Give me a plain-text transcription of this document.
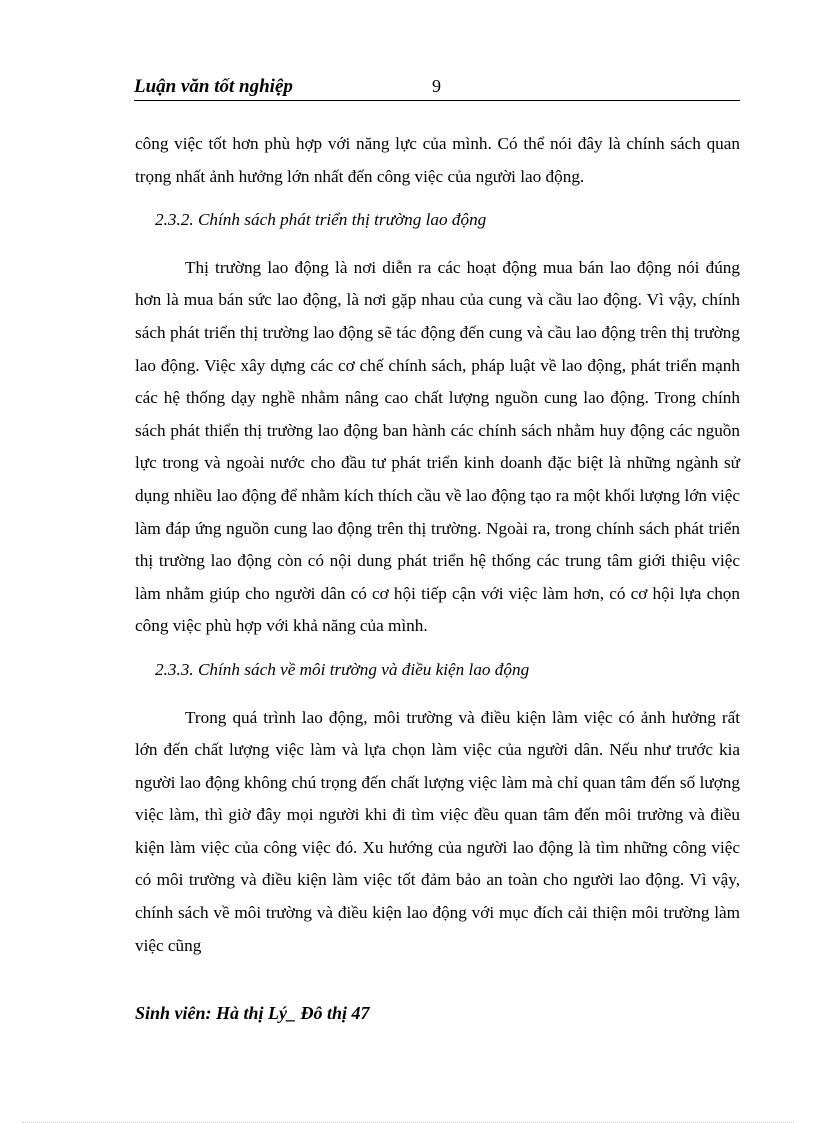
Luận văn tốt nghiệp	9

công việc tốt hơn phù hợp với năng lực của mình. Có thể nói đây là chính sách quan trọng nhất ảnh hưởng lớn nhất đến công việc của người lao động.

2.3.2. Chính sách phát triển thị trường lao động

Thị trường lao động là nơi diễn ra các hoạt động mua bán lao động nói đúng hơn là mua bán sức lao động, là nơi gặp nhau của cung và cầu lao động. Vì vậy, chính sách phát triển thị trường lao động sẽ tác động đến cung và cầu lao động trên thị trường lao động. Việc xây dựng các cơ chế chính sách, pháp luật về lao động, phát triển mạnh các hệ thống dạy nghề nhằm nâng cao chất lượng nguồn cung lao động. Trong chính sách phát thiển thị trường lao động ban hành các chính sách nhằm huy động các nguồn lực trong và ngoài nước cho đầu tư phát triển kinh doanh đặc biệt là những ngành sử dụng nhiều lao động để nhằm kích thích cầu về lao động tạo ra một khối lượng lớn việc làm đáp ứng nguồn cung lao động trên thị trường. Ngoài ra, trong chính sách phát triển thị trường lao động còn có nội dung phát triển hệ thống các trung tâm giới thiệu việc làm nhằm giúp cho người dân có cơ hội tiếp cận với việc làm hơn, có cơ hội lựa chọn công việc phù hợp với khả năng của mình.

2.3.3. Chính sách về môi trường và điều kiện lao động

Trong quá trình lao động, môi trường và điều kiện làm việc có ảnh hưởng rất lớn đến chất lượng việc làm và lựa chọn làm việc của người dân. Nếu như trước kia người lao động không chú trọng đến chất lượng việc làm mà chỉ quan tâm đến số lượng việc làm, thì giờ đây mọi người khi đi tìm việc đều quan tâm đến môi trường và điều kiện làm việc của công việc đó. Xu hướng của người lao động là tìm những công việc có môi trường và điều kiện làm việc tốt đảm bảo an toàn cho người lao động. Vì vậy, chính sách về môi trường và điều kiện lao động với mục đích cải thiện môi trường làm việc cũng

Sinh viên: Hà thị Lý_ Đô thị 47
